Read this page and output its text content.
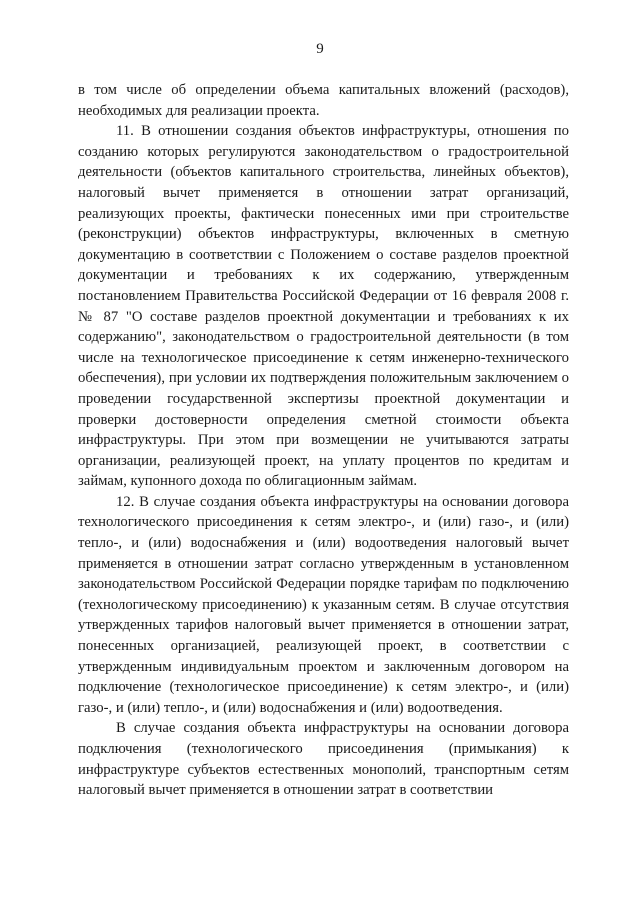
9

в том числе об определении объема капитальных вложений (расходов), необходимых для реализации проекта.

11. В отношении создания объектов инфраструктуры, отношения по созданию которых регулируются законодательством о градостроительной деятельности (объектов капитального строительства, линейных объектов), налоговый вычет применяется в отношении затрат организаций, реализующих проекты, фактически понесенных ими при строительстве (реконструкции) объектов инфраструктуры, включенных в сметную документацию в соответствии с Положением о составе разделов проектной документации и требованиях к их содержанию, утвержденным постановлением Правительства Российской Федерации от 16 февраля 2008 г. № 87 "О составе разделов проектной документации и требованиях к их содержанию", законодательством о градостроительной деятельности (в том числе на технологическое присоединение к сетям инженерно-технического обеспечения), при условии их подтверждения положительным заключением о проведении государственной экспертизы проектной документации и проверки достоверности определения сметной стоимости объекта инфраструктуры. При этом при возмещении не учитываются затраты организации, реализующей проект, на уплату процентов по кредитам и займам, купонного дохода по облигационным займам.

12. В случае создания объекта инфраструктуры на основании договора технологического присоединения к сетям электро-, и (или) газо-, и (или) тепло-, и (или) водоснабжения и (или) водоотведения налоговый вычет применяется в отношении затрат согласно утвержденным в установленном законодательством Российской Федерации порядке тарифам по подключению (технологическому присоединению) к указанным сетям. В случае отсутствия утвержденных тарифов налоговый вычет применяется в отношении затрат, понесенных организацией, реализующей проект, в соответствии с утвержденным индивидуальным проектом и заключенным договором на подключение (технологическое присоединение) к сетям электро-, и (или) газо-, и (или) тепло-, и (или) водоснабжения и (или) водоотведения.

В случае создания объекта инфраструктуры на основании договора подключения (технологического присоединения (примыкания) к инфраструктуре субъектов естественных монополий, транспортным сетям налоговый вычет применяется в отношении затрат в соответствии
